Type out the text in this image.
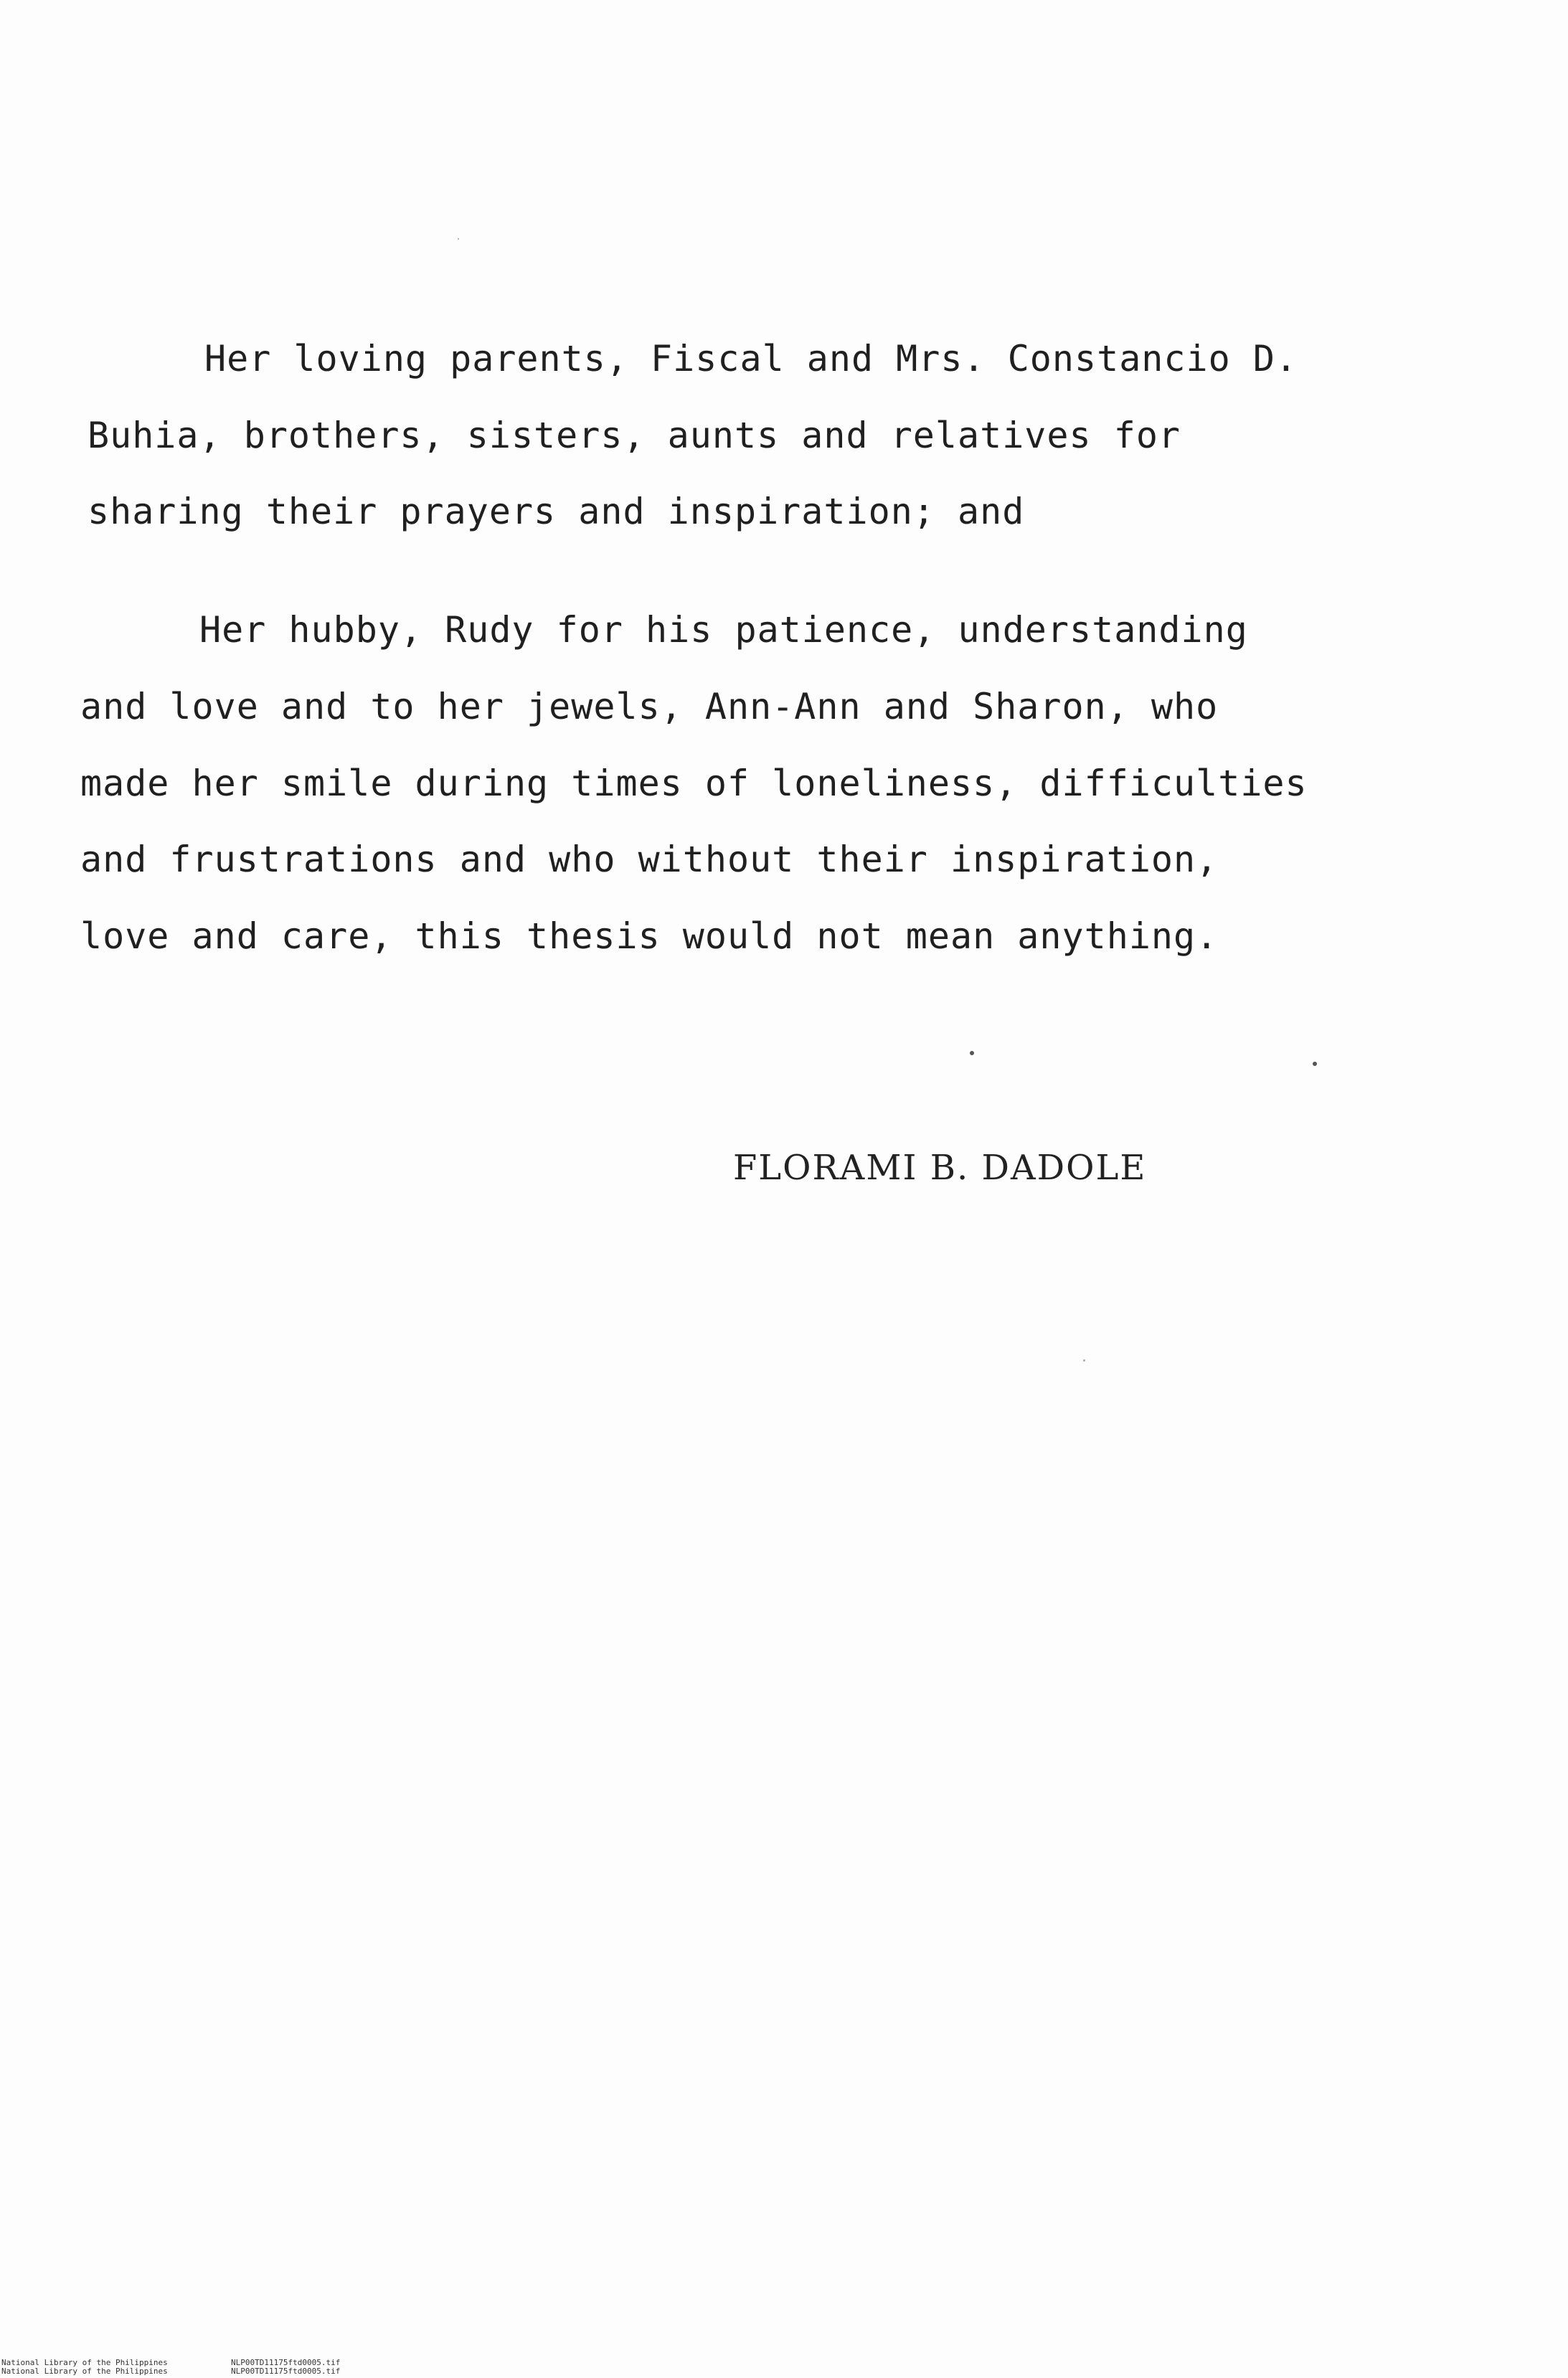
Her loving parents, Fiscal and Mrs. Constancio D.
Buhia, brothers, sisters, aunts and relatives for
sharing their prayers and inspiration; and
Her hubby, Rudy for his patience, understanding
and love and to her jewels, Ann-Ann and Sharon, who
made her smile during times of loneliness, difficulties
and frustrations and who without their inspiration,
love and care, this thesis would not mean anything.
FLORAMI B. DADOLE
National Library of the Philippines	NLP00TD11175ftd0005.tif
National Library of the Philippines	NLP00TD11175ftd0005.tif
